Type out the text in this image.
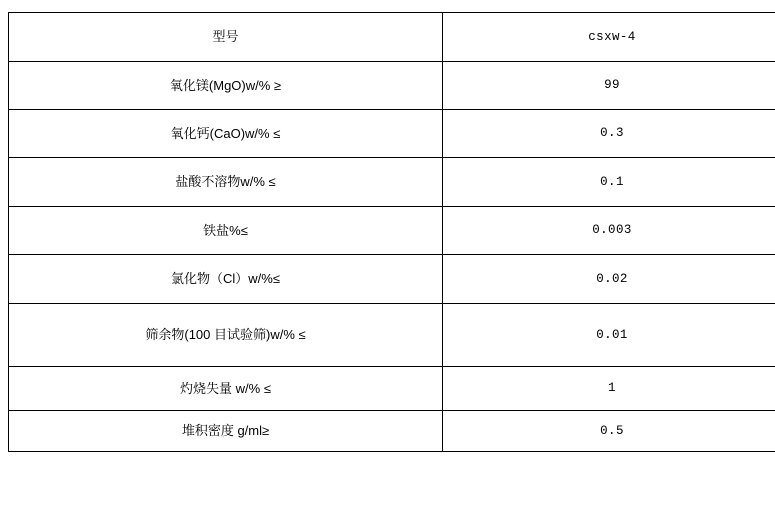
型号	csxw-4
氧化镁(MgO)w/% ≥	99
氧化钙(CaO)w/% ≤	0.3
盐酸不溶物w/% ≤	0.1
铁盐%≤	0.003
氯化物（Cl）w/%≤	0.02
筛余物(100 目试验筛)w/% ≤	0.01
灼烧失量 w/% ≤	1
堆积密度 g/ml≥	0.5
